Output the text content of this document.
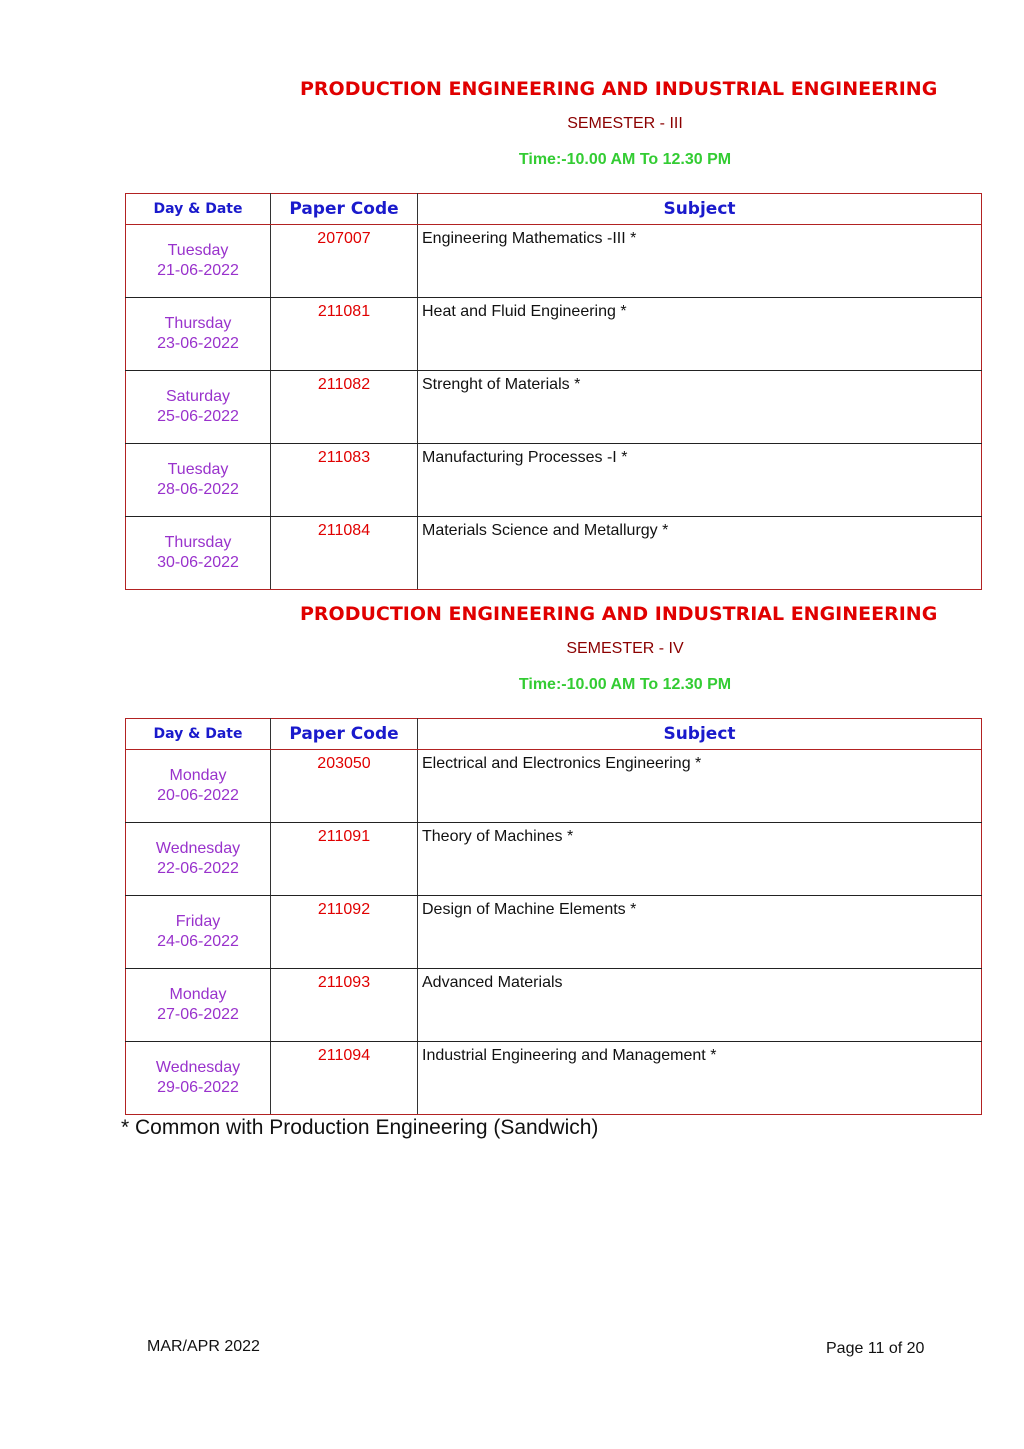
PRODUCTION ENGINEERING AND INDUSTRIAL ENGINEERING
SEMESTER - III
Time:-10.00 AM To 12.30 PM
Day & Date	Paper Code	Subject
Tuesday
21-06-2022	207007	Engineering Mathematics -III *
Thursday
23-06-2022	211081	Heat and Fluid Engineering *
Saturday
25-06-2022	211082	Strenght of Materials *
Tuesday
28-06-2022	211083	Manufacturing Processes -I *
Thursday
30-06-2022	211084	Materials Science and Metallurgy *
PRODUCTION ENGINEERING AND INDUSTRIAL ENGINEERING
SEMESTER - IV
Time:-10.00 AM To 12.30 PM
Day & Date	Paper Code	Subject
Monday
20-06-2022	203050	Electrical and Electronics Engineering *
Wednesday
22-06-2022	211091	Theory of Machines *
Friday
24-06-2022	211092	Design of Machine Elements *
Monday
27-06-2022	211093	Advanced Materials
Wednesday
29-06-2022	211094	Industrial Engineering and Management *
* Common with Production Engineering (Sandwich)
MAR/APR 2022	Page 11 of 20
